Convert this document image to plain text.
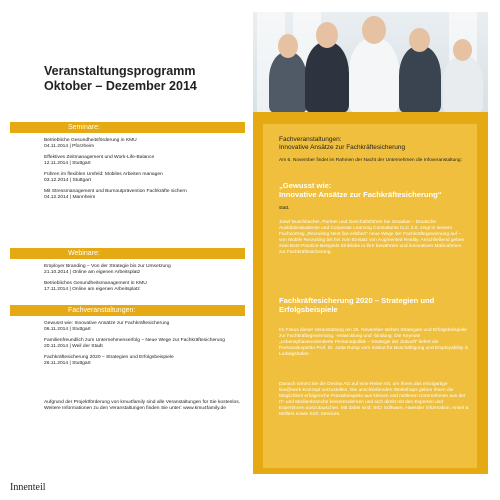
Veranstaltungsprogramm
Oktober – Dezember 2014
Seminare:
Betriebliche Gesundheitsförderung in KMU
04.11.2014 | Pforzheim
Effektives Zeitmanagement und Work-Life-Balance
12.11.2014 | Stuttgart
Führen im flexiblen Umfeld: Mobiles Arbeiten managen
03.12.2014 | Stuttgart
Mit Stressmanagement und Burnoutprävention Fachkräfte sichern
04.12.2014 | Mannheim
Webinare:
Employer Branding – Von der Strategie bis zur Umsetzung
21.10.2014 | Online am eigenen Arbeitsplatz
Betriebliches Gesundheitsmanagement in KMU
17.11.2014 | Online am eigenen Arbeitsplatz
Fachveranstaltungen:
Gewusst wie: Innovative Ansätze zur Fachkräftesicherung
06.11.2014 | Stuttgart
Familienfreundlich zum Unternehmenserfolg – Neue Wege zur Fachkräftesicherung
20.11.2014 | Weil der Stadt
Fachkräftesicherung 2020 – Strategien und Erfolgsbeispiele
26.11.2014 | Stuttgart
Aufgrund der Projektförderung von kmu4family sind alle Veranstaltungen für Sie kostenlos. Weitere Informationen zu den Veranstaltungen finden Sie unter: www.kmu4family.de
Fachveranstaltungen:
Innovative Ansätze zur Fachkräftesicherung
Am 6. November findet im Rahmen der Nacht der Unternehmen die Infoveranstaltung:
„Gewusst wie:
Innovative Ansätze zur Fachkräftesicherung“
statt.
Josef Buschbacher, Partner und Geschäftsführer bei Smadias – Deutsche Ausbilderakademie und Corporate Learning Consultants CLC 2.0, zeigt in seinem Fachvortrag „Recruiting Next live erleben“ neue Wege der Fachkräftegewinnung auf – von Mobile Recruiting bis hin zum Einsatz von Augmented Reality. Anschließend geben zwei Best-Practice-Beispiele Einblicke in ihre bewährten und innovativen Maßnahmen zur Fachkräftesicherung.
Fachkräftesicherung 2020 – Strategien und
Erfolgsbeispiele
Im Fokus dieser Veranstaltung am 26. November stehen Strategien und Erfolgsbeispiele zur Fachkräftegewinnung, -entwicklung und -bindung. Die Keynote „Lebensphasenorientierte Personalpolitik – Strategie der Zukunft“ liefert die Personalexpertin Prof. Dr. Jutta Rump vom Institut für Beschäftigung und Employability in Ludwigshafen.
Danach nimmt Sie die Dexina AG auf eine Reise mit, um Ihnen das einzigartige live@work-Konzept vorzustellen. Die anschließenden Workshops geben Ihnen die Möglichkeit erfolgreiche Praxisbeispiele aus kleinen und mittleren Unternehmen aus der IT- und Medienbranche kennenzulernen und sich direkt mit den Experten und Expertinnen auszutauschen. Mit dabei sind: SIC! Software, Haessler Information, Ansel & Möllers sowie SSC Services.
Innenteil
